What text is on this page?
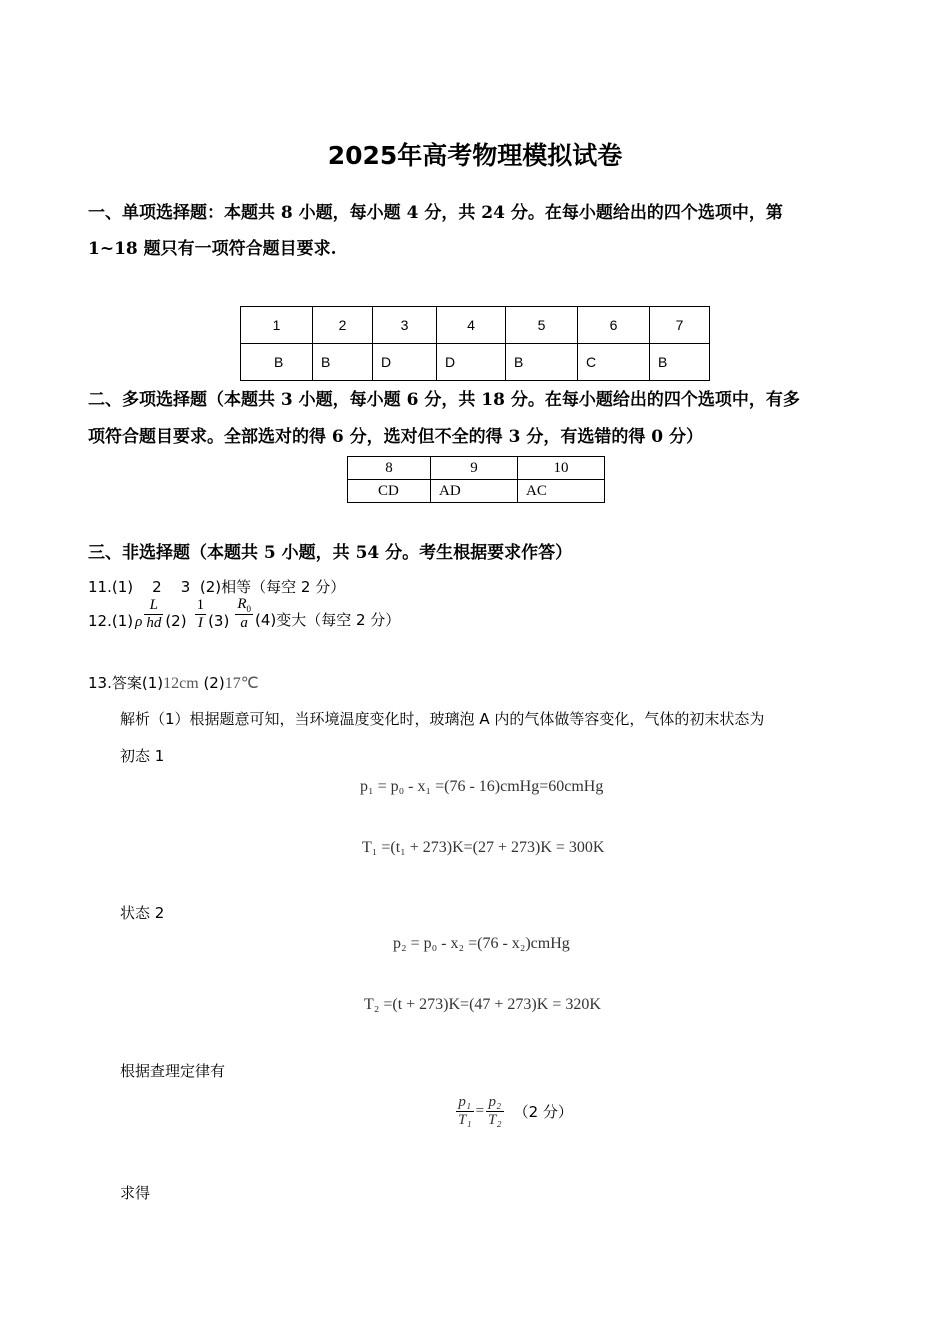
2025年高考物理模拟试卷
一、单项选择题：本题共 8 小题，每小题 4 分，共 24 分。在每小题给出的四个选项中，第
1~18 题只有一项符合题目要求.
1	2	3	4	5	6	7
B	B	D	D	B	C	B
二、多项选择题（本题共 3 小题，每小题 6 分，共 18 分。在每小题给出的四个选项中，有多
项符合题目要求。全部选对的得 6 分，选对但不全的得 3 分，有选错的得 0 分）
8	9	10
CD	AD	AC
三、非选择题（本题共 5 小题，共 54 分。考生根据要求作答）
11.(1)    2    3  (2)相等（每空 2 分）
12.(1) ρ $\frac{L}{hd} (2) \frac{1}{I} (3) \frac{R_0}{a} (4)$变大（每空 2 分）
13.答案(1)12cm (2)17℃
解析（1）根据题意可知，当环境温度变化时，玻璃泡 A 内的气体做等容变化，气体的初末状态为
初态 1
p₁ = p₀ - x₁ =(76 - 16)cmHg=60cmHg
T₁ =(t₁ + 273)K=(27 + 273)K = 300K
状态 2
p₂ = p₀ - x₂ =(76 - x₂)cmHg
T₂ =(t + 273)K=(47 + 273)K = 320K
根据查理定律有
$\frac{\text{p₁}}{\text{T₁}} = \frac{\text{p₂}}{\text{T₂}} (2$ 分）
求得
